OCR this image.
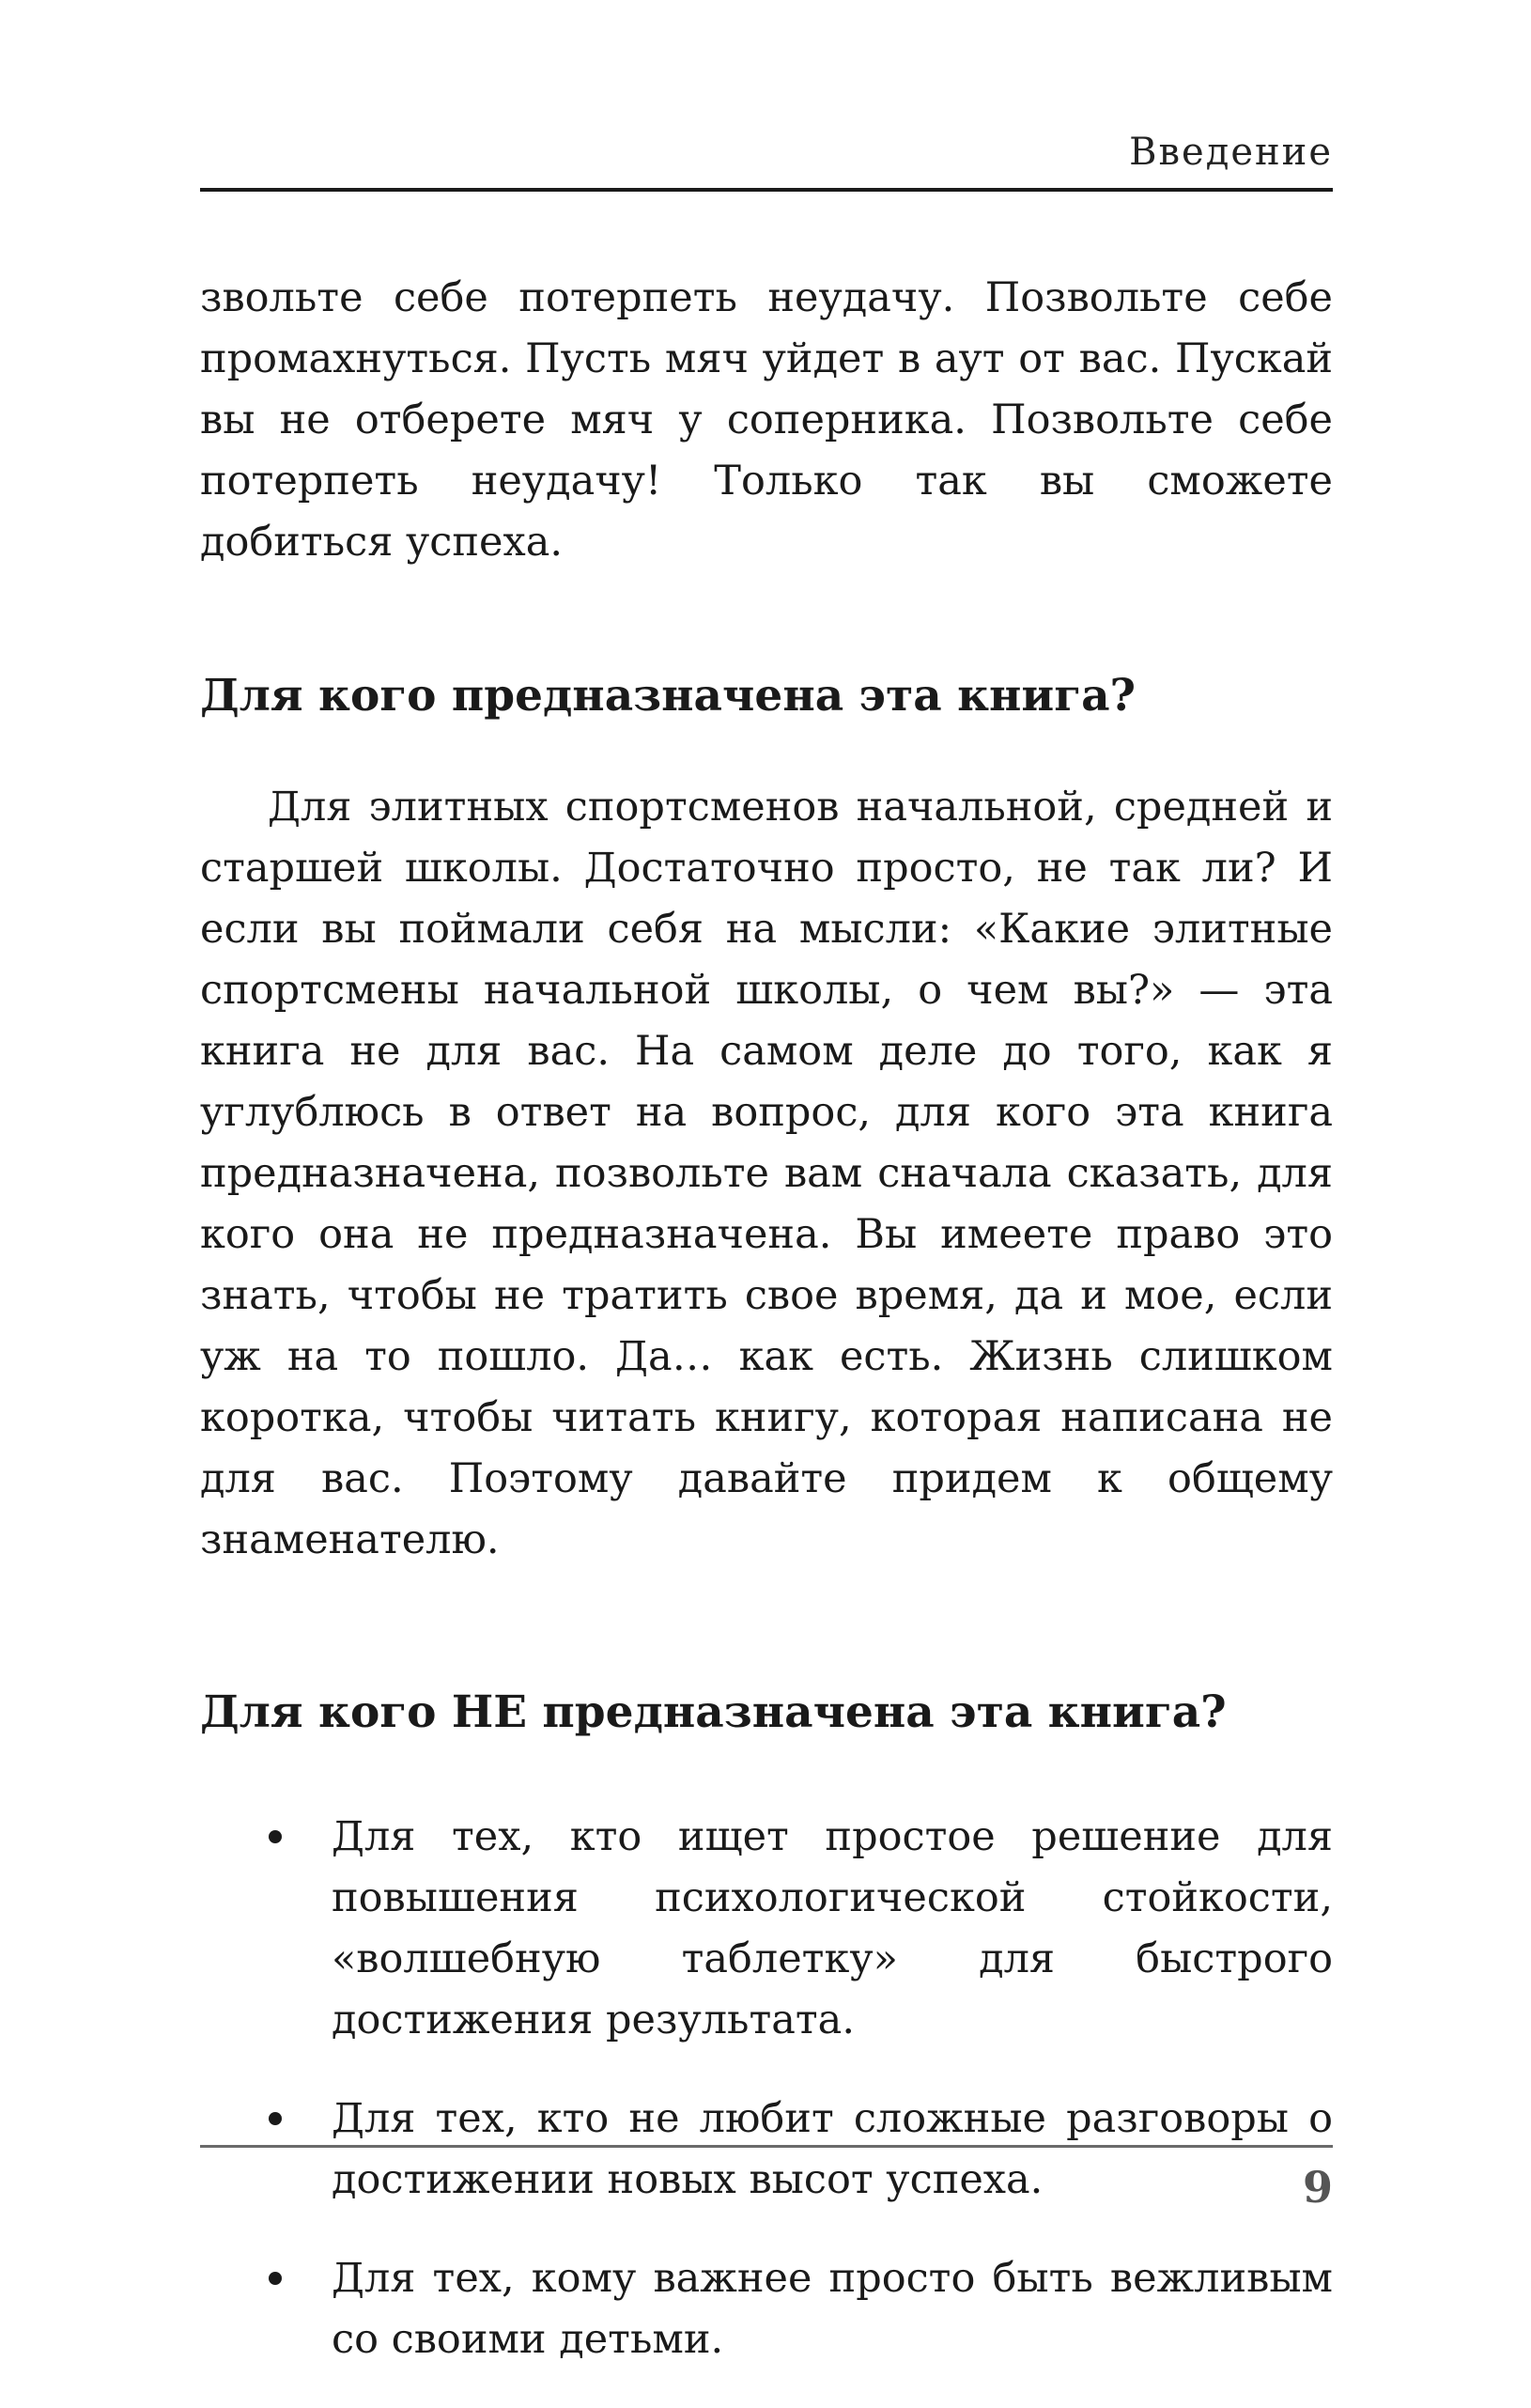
Введение

звольте себе потерпеть неудачу. Позвольте себе промахнуться. Пусть мяч уйдет в аут от вас. Пускай вы не отберете мяч у соперника. Позвольте себе потерпеть неудачу! Только так вы сможете добиться успеха.

Для кого предназначена эта книга?

Для элитных спортсменов начальной, средней и старшей школы. Достаточно просто, не так ли? И если вы поймали себя на мысли: «Какие элитные спортсмены начальной школы, о чем вы?» — эта книга не для вас. На самом деле до того, как я углублюсь в ответ на вопрос, для кого эта книга предназначена, позвольте вам сначала сказать, для кого она не предназначена. Вы имеете право это знать, чтобы не тратить свое время, да и мое, если уж на то пошло. Да… как есть. Жизнь слишком коротка, чтобы читать книгу, которая написана не для вас. Поэтому давайте придем к общему знаменателю.

Для кого НЕ предназначена эта книга?
Для тех, кто ищет простое решение для повышения психологической стойкости, «волшебную таблетку» для быстрого достижения результата.
Для тех, кто не любит сложные разговоры о достижении новых высот успеха.
Для тех, кому важнее просто быть вежливым со своими детьми.
9
